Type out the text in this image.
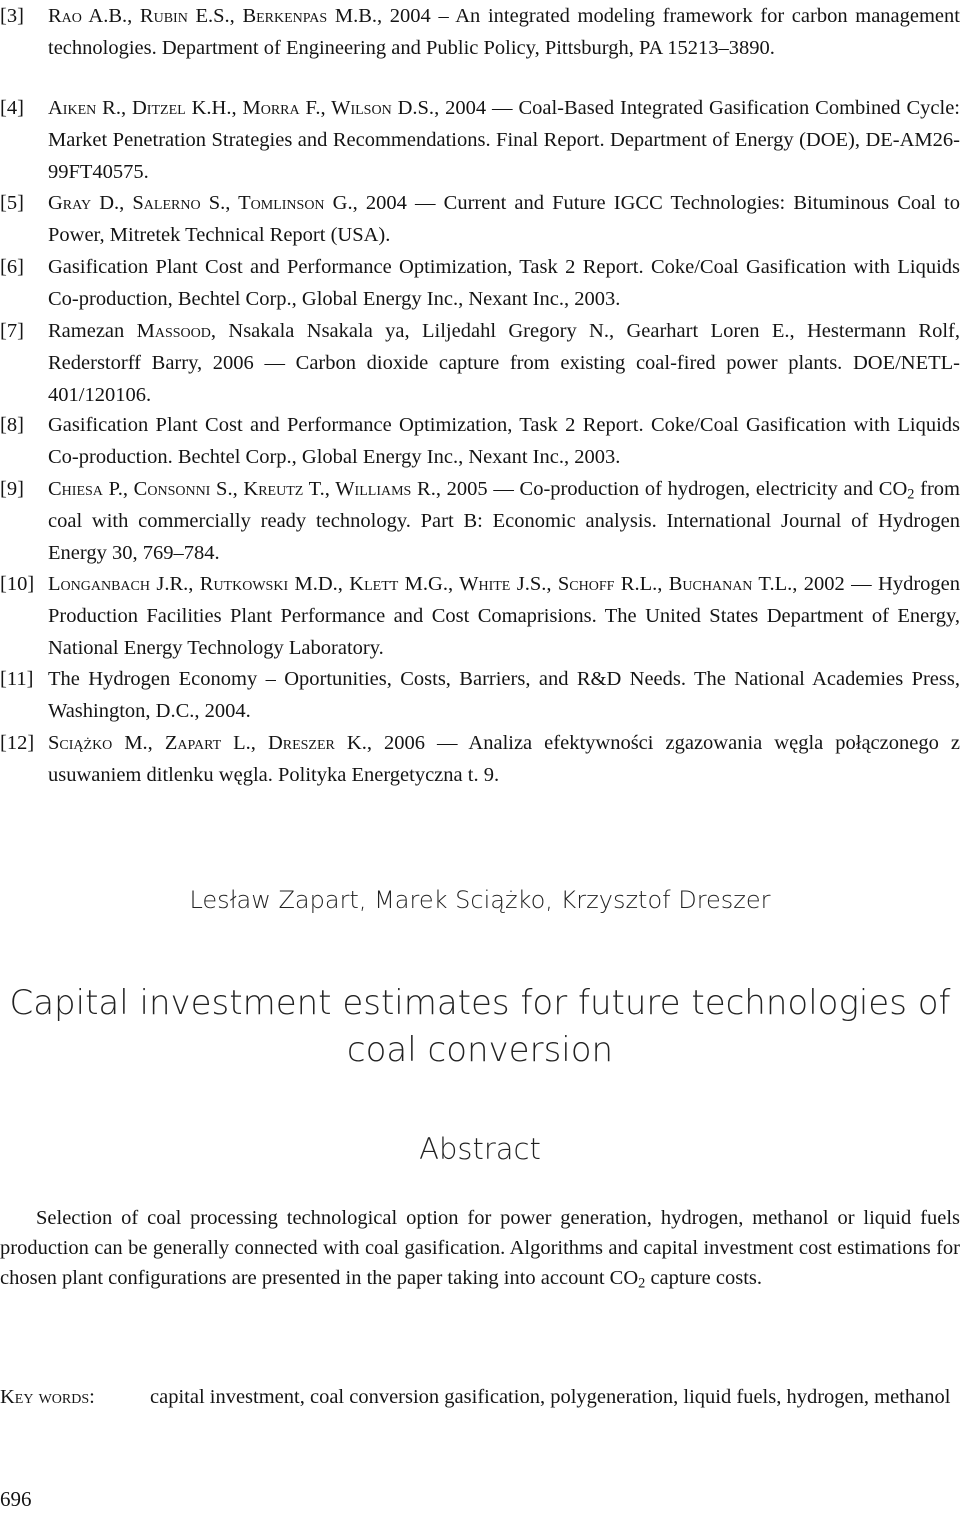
[3] Rao A.B., Rubin E.S., Berkenpas M.B., 2004 – An integrated modeling framework for carbon management technologies. Department of Engineering and Public Policy, Pittsburgh, PA 15213–3890.
[4] Aiken R., Ditzel K.H., Morra F., Wilson D.S., 2004 — Coal-Based Integrated Gasification Combined Cycle: Market Penetration Strategies and Recommendations. Final Report. Department of Energy (DOE), DE-AM26-99FT40575.
[5] Gray D., Salerno S., Tomlinson G., 2004 — Current and Future IGCC Technologies: Bituminous Coal to Power, Mitretek Technical Report (USA).
[6] Gasification Plant Cost and Performance Optimization, Task 2 Report. Coke/Coal Gasification with Liquids Co-production, Bechtel Corp., Global Energy Inc., Nexant Inc., 2003.
[7] Ramezan Massood, Nsakala Nsakala ya, Liljedahl Gregory N., Gearhart Loren E., Hestermann Rolf, Rederstorff Barry, 2006 — Carbon dioxide capture from existing coal-fired power plants. DOE/NETL-401/120106.
[8] Gasification Plant Cost and Performance Optimization, Task 2 Report. Coke/Coal Gasification with Liquids Co-production. Bechtel Corp., Global Energy Inc., Nexant Inc., 2003.
[9] Chiesa P., Consonni S., Kreutz T., Williams R., 2005 — Co-production of hydrogen, electricity and $CO_2$ from coal with commercially ready technology. Part B: Economic analysis. International Journal of Hydrogen Energy 30, 769–784.
[10] Longanbach J.R., Rutkowski M.D., Klett M.G., White J.S., Schoff R.L., Buchanan T.L., 2002 — Hydrogen Production Facilities Plant Performance and Cost Comaprisions. The United States Department of Energy, National Energy Technology Laboratory.
[11] The Hydrogen Economy – Oportunities, Costs, Barriers, and R&D Needs. The National Academies Press, Washington, D.C., 2004.
[12] Sciążko M., Zapart L., Dreszer K., 2006 — Analiza efektywności zgazowania węgla połączonego z usuwaniem ditlenku węgla. Polityka Energetyczna t. 9.
Lesław Zapart, Marek Sciążko, Krzysztof Dreszer
Capital investment estimates for future technologies of coal conversion
Abstract
Selection of coal processing technological option for power generation, hydrogen, methanol or liquid fuels production can be generally connected with coal gasification. Algorithms and capital investment cost estimations for chosen plant configurations are presented in the paper taking into account $CO_2$ capture costs.
Key words:	capital investment, coal conversion gasification, polygeneration, liquid fuels, hydrogen, methanol
696
